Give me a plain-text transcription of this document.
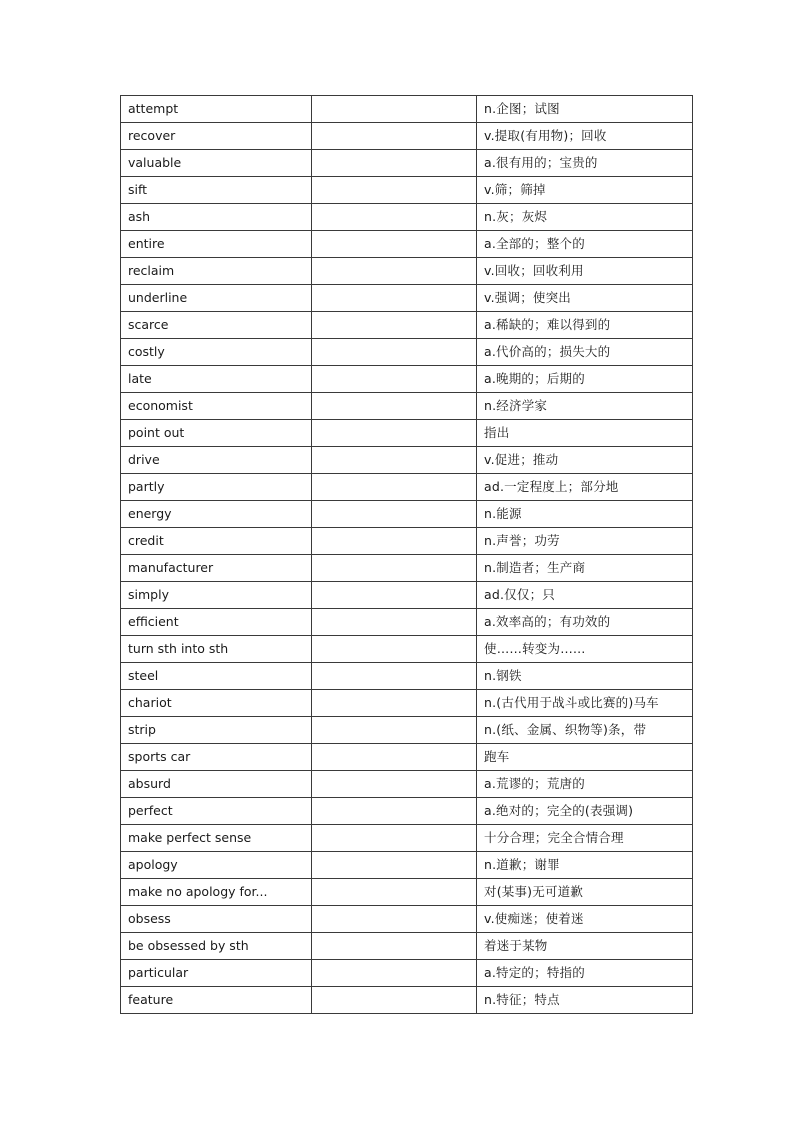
attempt		n.企图；试图
recover		v.提取(有用物)；回收
valuable		a.很有用的；宝贵的
sift		v.筛；筛掉
ash		n.灰；灰烬
entire		a.全部的；整个的
reclaim		v.回收；回收利用
underline		v.强调；使突出
scarce		a.稀缺的；难以得到的
costly		a.代价高的；损失大的
late		a.晚期的；后期的
economist		n.经济学家
point out		指出
drive		v.促进；推动
partly		ad.一定程度上；部分地
energy		n.能源
credit		n.声誉；功劳
manufacturer		n.制造者；生产商
simply		ad.仅仅；只
efficient		a.效率高的；有功效的
turn sth into sth		使……转变为……
steel		n.钢铁
chariot		n.(古代用于战斗或比赛的)马车
strip		n.(纸、金属、织物等)条，带
sports car		跑车
absurd		a.荒谬的；荒唐的
perfect		a.绝对的；完全的(表强调)
make perfect sense		十分合理；完全合情合理
apology		n.道歉；谢罪
make no apology for...		对(某事)无可道歉
obsess		v.使痴迷；使着迷
be obsessed by sth		着迷于某物
particular		a.特定的；特指的
feature		n.特征；特点
